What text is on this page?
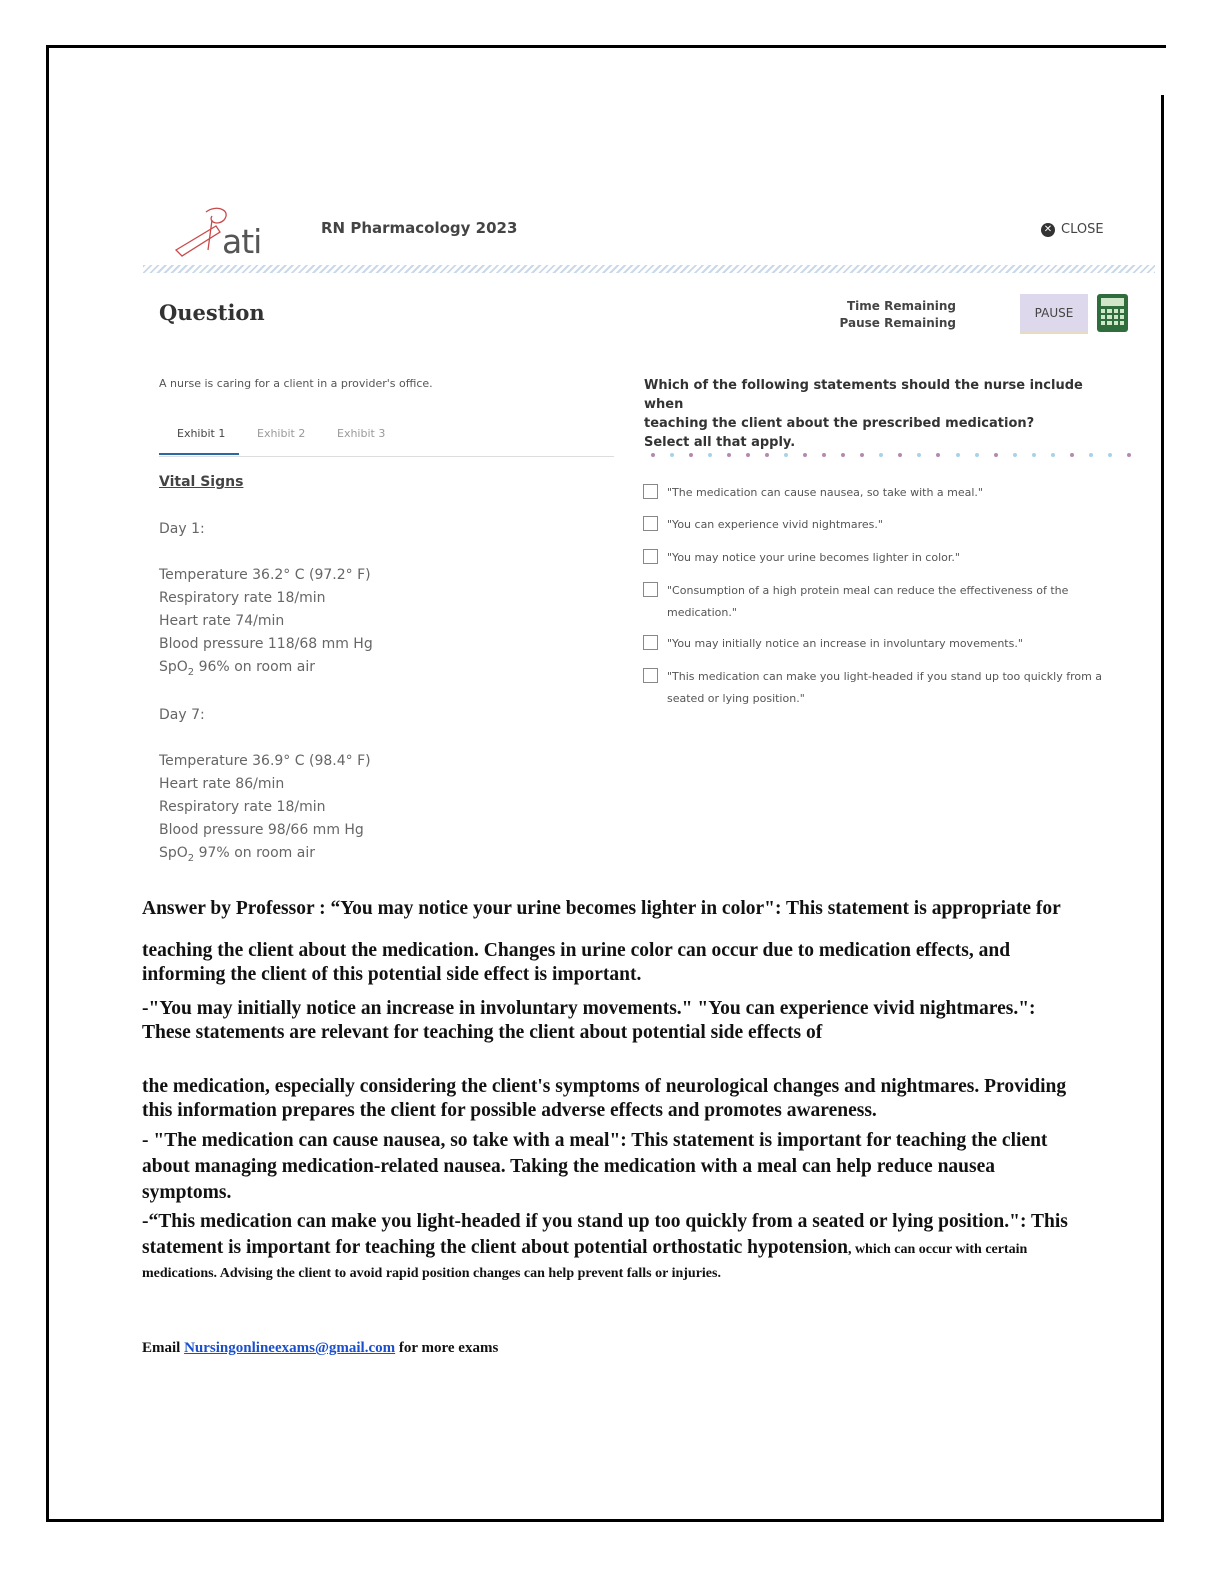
ati	RN Pharmacology 2023	✕ CLOSE
Question	Time Remaining
Pause Remaining
PAUSE
A nurse is caring for a client in a provider's office.
Exhibit 1	Exhibit 2	Exhibit 3
Vital Signs
Day 1:
Temperature 36.2° C (97.2° F)
Respiratory rate 18/min
Heart rate 74/min
Blood pressure 118/68 mm Hg
SpO$_2$ 96% on room air
Day 7:
Temperature 36.9° C (98.4° F)
Heart rate 86/min
Respiratory rate 18/min
Blood pressure 98/66 mm Hg
SpO$_2$ 97% on room air
Which of the following statements should the nurse include when
teaching the client about the prescribed medication?
Select all that apply.
"The medication can cause nausea, so take with a meal."
"You can experience vivid nightmares."
"You may notice your urine becomes lighter in color."
"Consumption of a high protein meal can reduce the effectiveness of the medication."
"You may initially notice an increase in involuntary movements."
"This medication can make you light-headed if you stand up too quickly from a seated or lying position."
Answer by Professor : “You may notice your urine becomes lighter in color": This statement is appropriate for
teaching the client about the medication. Changes in urine color can occur due to medication effects, and
informing the client of this potential side effect is important.
-"You may initially notice an increase in involuntary movements." "You can experience vivid nightmares.":
These statements are relevant for teaching the client about potential side effects of
the medication, especially considering the client's symptoms of neurological changes and nightmares. Providing
this information prepares the client for possible adverse effects and promotes awareness.
- "The medication can cause nausea, so take with a meal": This statement is important for teaching the client
about managing medication-related nausea. Taking the medication with a meal can help reduce nausea
symptoms.
-“This medication can make you light-headed if you stand up too quickly from a seated or lying position.": This
statement is important for teaching the client about potential orthostatic hypotension, which can occur with certain
medications. Advising the client to avoid rapid position changes can help prevent falls or injuries.
Email Nursingonlineexams@gmail.com for more exams
